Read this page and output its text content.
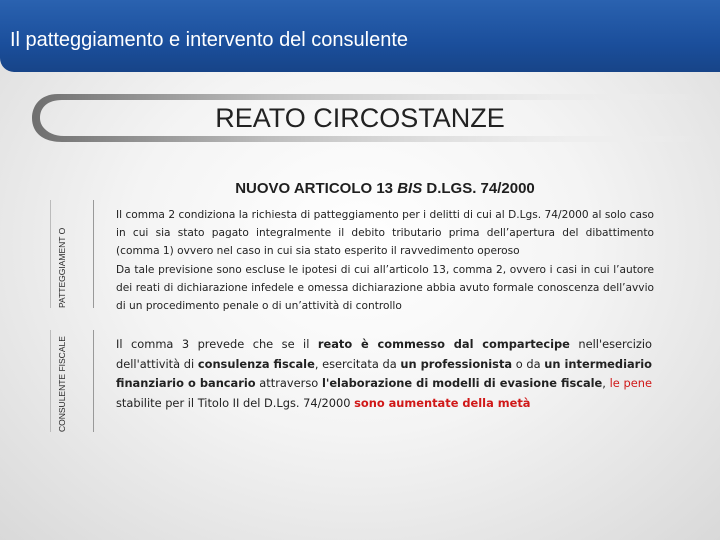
Il patteggiamento e intervento del consulente
REATO CIRCOSTANZE
NUOVO ARTICOLO 13 BIS D.LGS. 74/2000
PATTEGGIAMENT O
CONSULENTE FISCALE
Il comma 2 condiziona la richiesta di patteggiamento per i delitti di cui al D.Lgs. 74/2000 al solo caso in cui sia stato pagato integralmente il debito tributario prima dell’apertura del dibattimento (comma 1) ovvero nel caso in cui sia stato esperito il ravvedimento operoso
Da tale previsione sono escluse le ipotesi di cui all’articolo 13, comma 2, ovvero i casi in cui l’autore dei reati di dichiarazione infedele e omessa dichiarazione abbia avuto formale conoscenza dell’avvio di un procedimento penale o di un’attività di controllo
Il comma 3 prevede che se il reato è commesso dal compartecipe nell'esercizio dell'attività di consulenza fiscale, esercitata da un professionista o da un intermediario finanziario o bancario attraverso l'elaborazione di modelli di evasione fiscale, le pene stabilite per il Titolo II del D.Lgs. 74/2000 sono aumentate della metà
